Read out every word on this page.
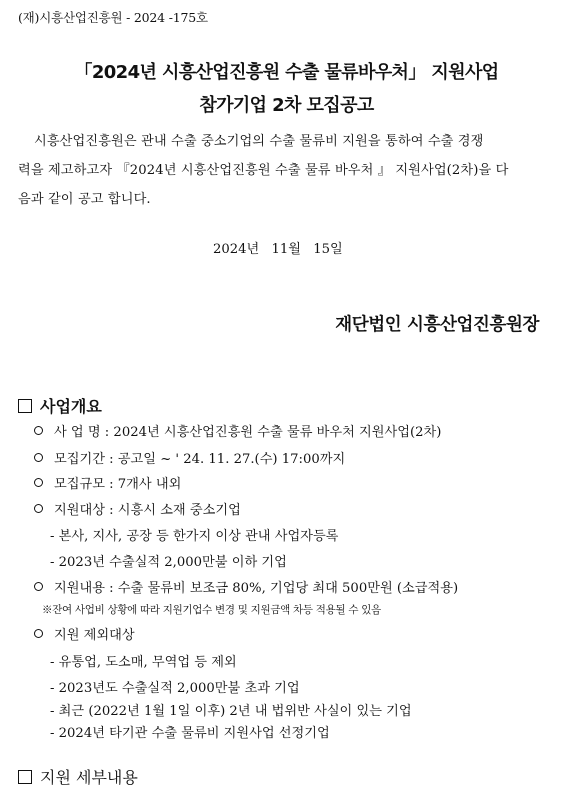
(재)시흥산업진흥원 - 2024 -175호
「2024년 시흥산업진흥원 수출 물류바우처」 지원사업
참가기업 2차 모집공고
시흥산업진흥원은 관내 수출 중소기업의 수출 물류비 지원을 통하여 수출 경쟁
력을 제고하고자 『2024년 시흥산업진흥원 수출 물류 바우처 』 지원사업(2차)을 다
음과 같이 공고 합니다.
2024년 11월 15일
재단법인 시흥산업진흥원장
사업개요
사 업 명 : 2024년 시흥산업진흥원 수출 물류 바우처 지원사업(2차)
모집기간 : 공고일 ~ ' 24. 11. 27.(수) 17:00까지
모집규모 : 7개사 내외
지원대상 : 시흥시 소재 중소기업
- 본사, 지사, 공장 등 한가지 이상 관내 사업자등록
- 2023년 수출실적 2,000만불 이하 기업
지원내용 : 수출 물류비 보조금 80%, 기업당 최대 500만원 (소급적용)
※잔여 사업비 상황에 따라 지원기업수 변경 및 지원금액 차등 적용될 수 있음
지원 제외대상
- 유통업, 도소매, 무역업 등 제외
- 2023년도 수출실적 2,000만불 초과 기업
- 최근 (2022년 1월 1일 이후) 2년 내 법위반 사실이 있는 기업
- 2024년 타기관 수출 물류비 지원사업 선정기업
지원 세부내용
